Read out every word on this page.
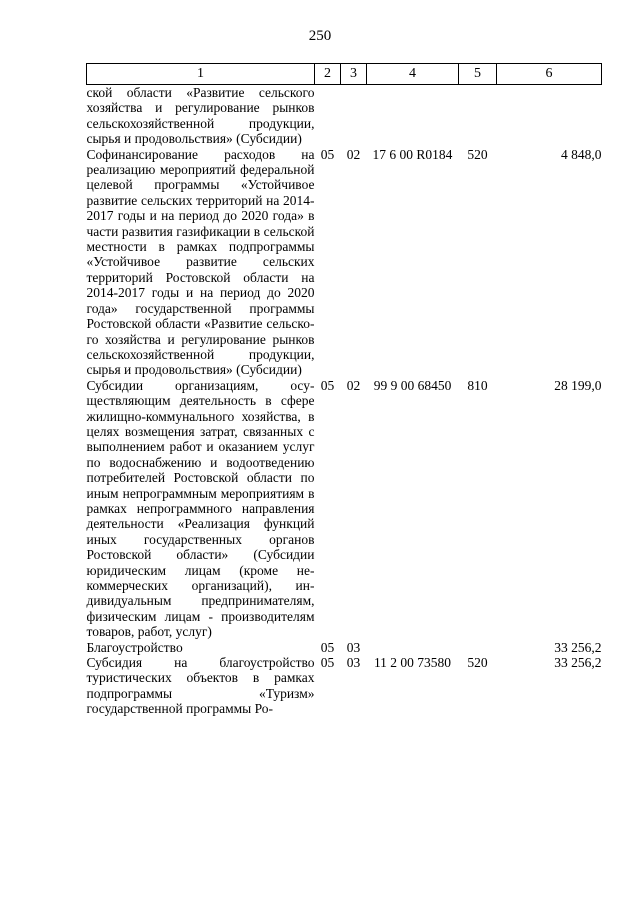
250
1	2	3	4	5	6
ской области «Развитие сельского хозяйства и регулирование рынков сельскохозяйственной продукции, сырья и продовольствия» (Субсидии)					
Софинансирование расходов на реализацию мероприятий федеральной целевой программы «Устойчивое развитие сельских территорий на 2014-2017 годы и на период до 2020 года» в части развития газификации в сельской местности в рамках подпрограммы «Устойчивое развитие сельских территорий Ростовской области на 2014-2017 годы и на период до 2020 года» государственной программы Ростовской области «Развитие сельского хозяйства и регулирование рынков сельскохозяйственной продукции, сырья и продовольствия» (Субсидии)	05	02	17 6 00 R0184	520	4 848,0
Субсидии организациям, осуществляющим деятельность в сфере жилищно-коммунального хозяйства, в целях возмещения затрат, связанных с выполнением работ и оказанием услуг по водоснабжению и водоотведению потребителей Ростовской области по иным непрограммным мероприятиям в рамках непрограммного направления деятельности «Реализация функций иных государственных органов Ростовской области» (Субсидии юридическим лицам (кроме некоммерческих организаций), индивидуальным предпринимателям, физическим лицам - производителям товаров, работ, услуг)	05	02	99 9 00 68450	810	28 199,0
Благоустройство	05	03			33 256,2
Субсидия на благоустройство туристических объектов в рамках подпрограммы «Туризм» государственной программы Ро-	05	03	11 2 00 73580	520	33 256,2
